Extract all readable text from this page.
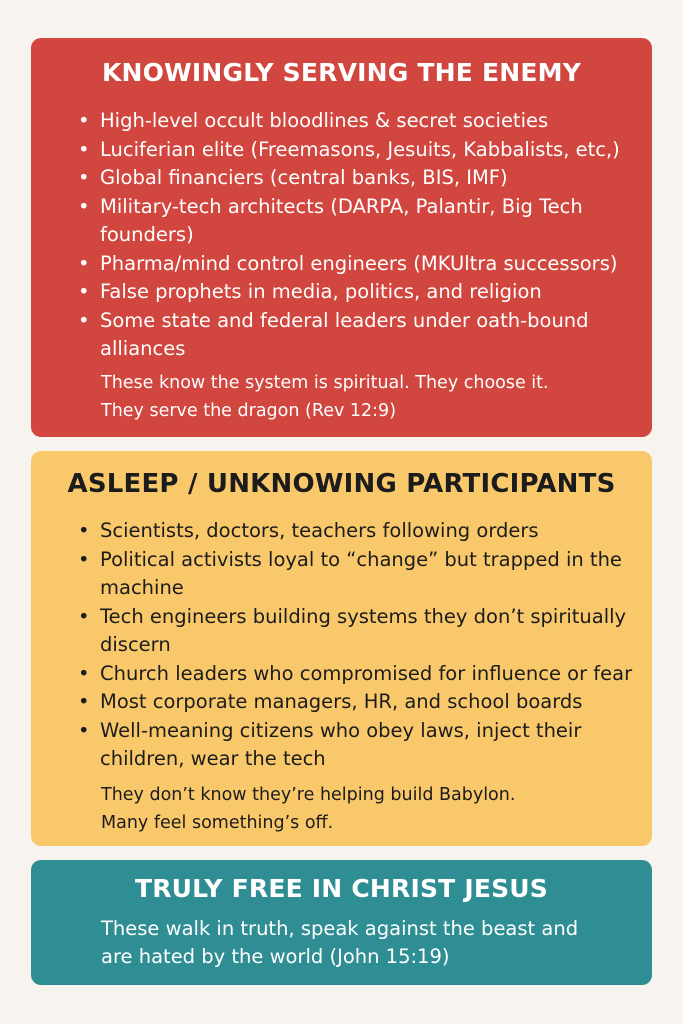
KNOWINGLY SERVING THE ENEMY
• High-level occult bloodlines & secret societies
• Luciferian elite (Freemasons, Jesuits, Kabbalists, etc,)
• Global financiers (central banks, BIS, IMF)
• Military-tech architects (DARPA, Palantir, Big Tech founders)
• Pharma/mind control engineers (MKUltra successors)
• False prophets in media, politics, and religion
• Some state and federal leaders under oath-bound alliances

These know the system is spiritual. They choose it.
They serve the dragon (Rev 12:9)

ASLEEP / UNKNOWING PARTICIPANTS
• Scientists, doctors, teachers following orders
• Political activists loyal to “change” but trapped in the machine
• Tech engineers building systems they don’t spiritually discern
• Church leaders who compromised for influence or fear
• Most corporate managers, HR, and school boards
• Well-meaning citizens who obey laws, inject their children, wear the tech

They don’t know they’re helping build Babylon.
Many feel something’s off.

TRULY FREE IN CHRIST JESUS

These walk in truth, speak against the beast and
are hated by the world (John 15:19)
